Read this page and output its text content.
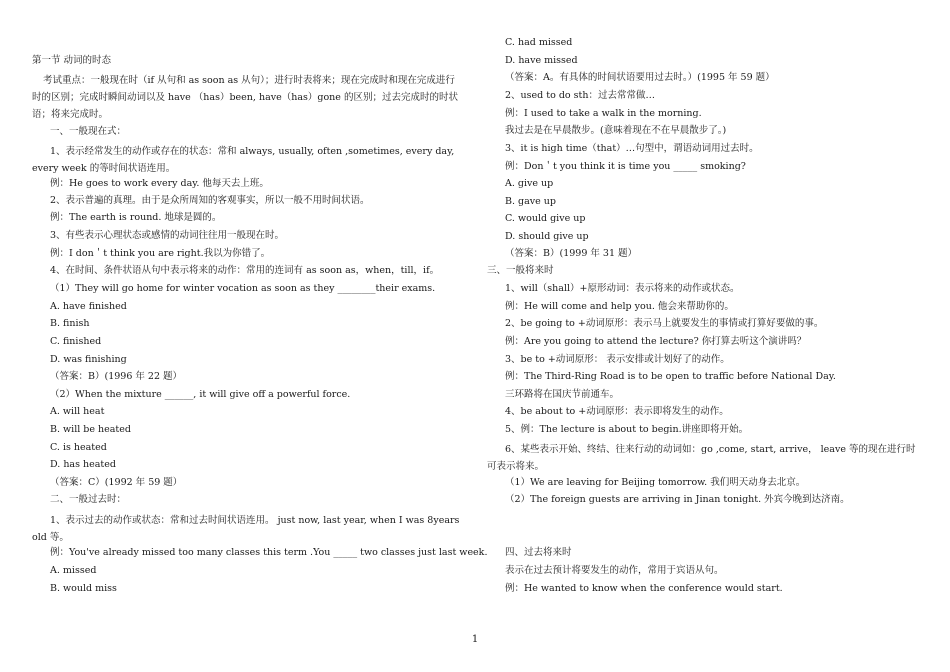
第一节 动词的时态
考试重点：一般现在时（if 从句和 as soon as 从句）；进行时表将来；现在完成时和现在完成进行时的区别；完成时瞬间动词以及 have （has）been, have（has）gone 的区别；过去完成时的时状语；将来完成时。
一、一般现在式：
1、表示经常发生的动作或存在的状态：常和 always, usually, often ,sometimes, every day, every week 的等时间状语连用。
例：He goes to work every day. 他每天去上班。
2、表示普遍的真理。由于是众所周知的客观事实，所以一般不用时间状语。
例：The earth is round. 地球是圆的。
3、有些表示心理状态或感情的动词往往用一般现在时。
例：I don＇t think you are right.我以为你错了。
4、在时间、条件状语从句中表示将来的动作：常用的连词有 as soon as，when，till，if。
（1）They will go home for winter vocation as soon as they ________their exams.
A. have finished
B. finish
C. finished
D. was finishing
（答案：B）(1996 年 22 题）
（2）When the mixture ______, it will give off a powerful force.
A. will heat
B. will be heated
C. is heated
D. has heated
（答案：C）(1992 年 59 题）
二、一般过去时：
1、表示过去的动作或状态：常和过去时间状语连用。 just now, last year, when I was 8years old 等。
例：You've already missed too many classes this term .You _____ two classes just last week.
A. missed
B. would miss
C. had missed
D. have missed
（答案：A。有具体的时间状语要用过去时。）(1995 年 59 题）
2、used to do sth：过去常常做…
例：I used to take a walk in the morning.
我过去是在早晨散步。(意味着现在不在早晨散步了。)
3、it is high time（that）…句型中，谓语动词用过去时。
例：Don＇t you think it is time you _____ smoking?
A. give up
B. gave up
C. would give up
D. should give up
（答案：B）(1999 年 31 题）
三、一般将来时
1、will（shall）+原形动词：表示将来的动作或状态。
例：He will come and help you. 他会来帮助你的。
2、be going to +动词原形：表示马上就要发生的事情或打算好要做的事。
例：Are you going to attend the lecture? 你打算去听这个演讲吗？
3、be to +动词原形： 表示安排或计划好了的动作。
例：The Third-Ring Road is to be open to traffic before National Day.
三环路将在国庆节前通车。
4、be about to +动词原形：表示即将发生的动作。
5、例：The lecture is about to begin.讲座即将开始。
6、某些表示开始、终结、往来行动的动词如：go ,come, start, arrive， leave 等的现在进行时可表示将来。
（1）We are leaving for Beijing tomorrow. 我们明天动身去北京。
（2）The foreign guests are arriving in Jinan tonight. 外宾今晚到达济南。
四、过去将来时
表示在过去预计将要发生的动作，常用于宾语从句。
例：He wanted to know when the conference would start.
1
